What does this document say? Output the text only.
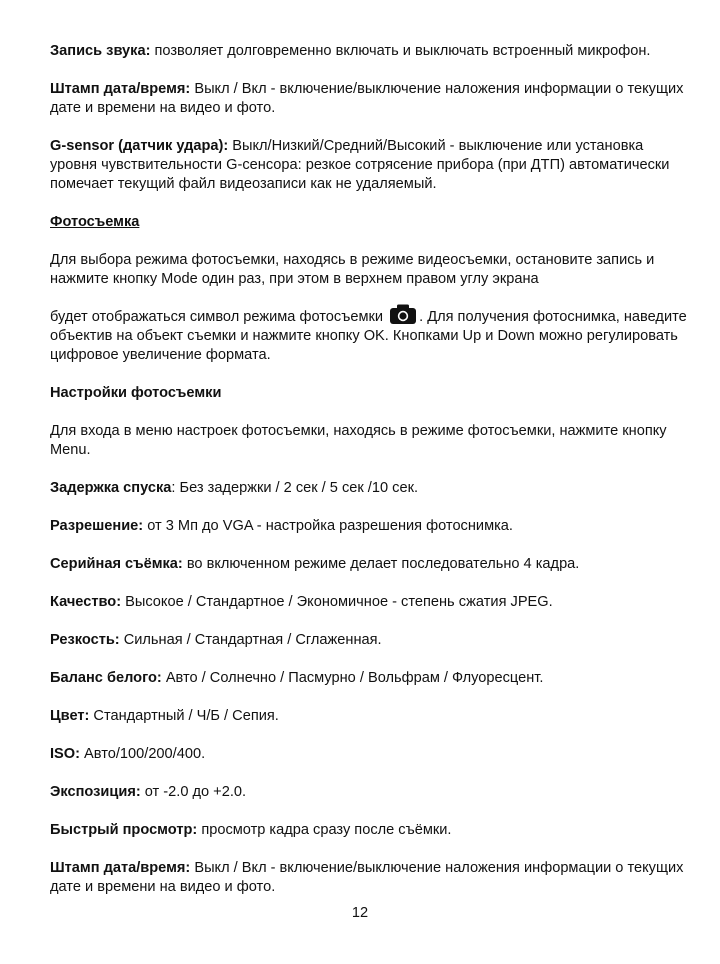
Запись звука: позволяет долговременно включать и выключать встроенный микрофон.

Штамп дата/время: Выкл / Вкл - включение/выключение наложения информации о текущих дате и времени на видео и фото.

G-sensor (датчик удара): Выкл/Низкий/Средний/Высокий - выключение или установка уровня чувствительности G-сенсора: резкое сотрясение прибора (при ДТП) автоматически помечает текущий файл видеозаписи как не удаляемый.

Фотосъемка

Для выбора режима фотосъемки, находясь в режиме видеосъемки, остановите запись и нажмите кнопку Mode один раз, при этом в верхнем правом углу экрана

будет отображаться символ режима фотосъемки . Для получения фотоснимка, наведите объектив на объект съемки и нажмите кнопку OK. Кнопками Up и Down можно регулировать цифровое увеличение формата.

Настройки фотосъемки

Для входа в меню настроек фотосъемки, находясь в режиме фотосъемки, нажмите кнопку Menu.

Задержка спуска: Без задержки / 2 сек / 5 сек /10 сек.

Разрешение: от 3 Мп до VGA - настройка разрешения фотоснимка.

Серийная съёмка: во включенном режиме делает последовательно 4 кадра.

Качество: Высокое / Стандартное / Экономичное - степень сжатия JPEG.

Резкость: Сильная / Стандартная / Сглаженная.

Баланс белого: Авто / Солнечно / Пасмурно / Вольфрам / Флуоресцент.

Цвет: Стандартный / Ч/Б / Сепия.

ISO: Авто/100/200/400.

Экспозиция: от -2.0 до +2.0.

Быстрый просмотр: просмотр кадра сразу после съёмки.

Штамп дата/время: Выкл / Вкл - включение/выключение наложения информации о текущих дате и времени на видео и фото.

12
